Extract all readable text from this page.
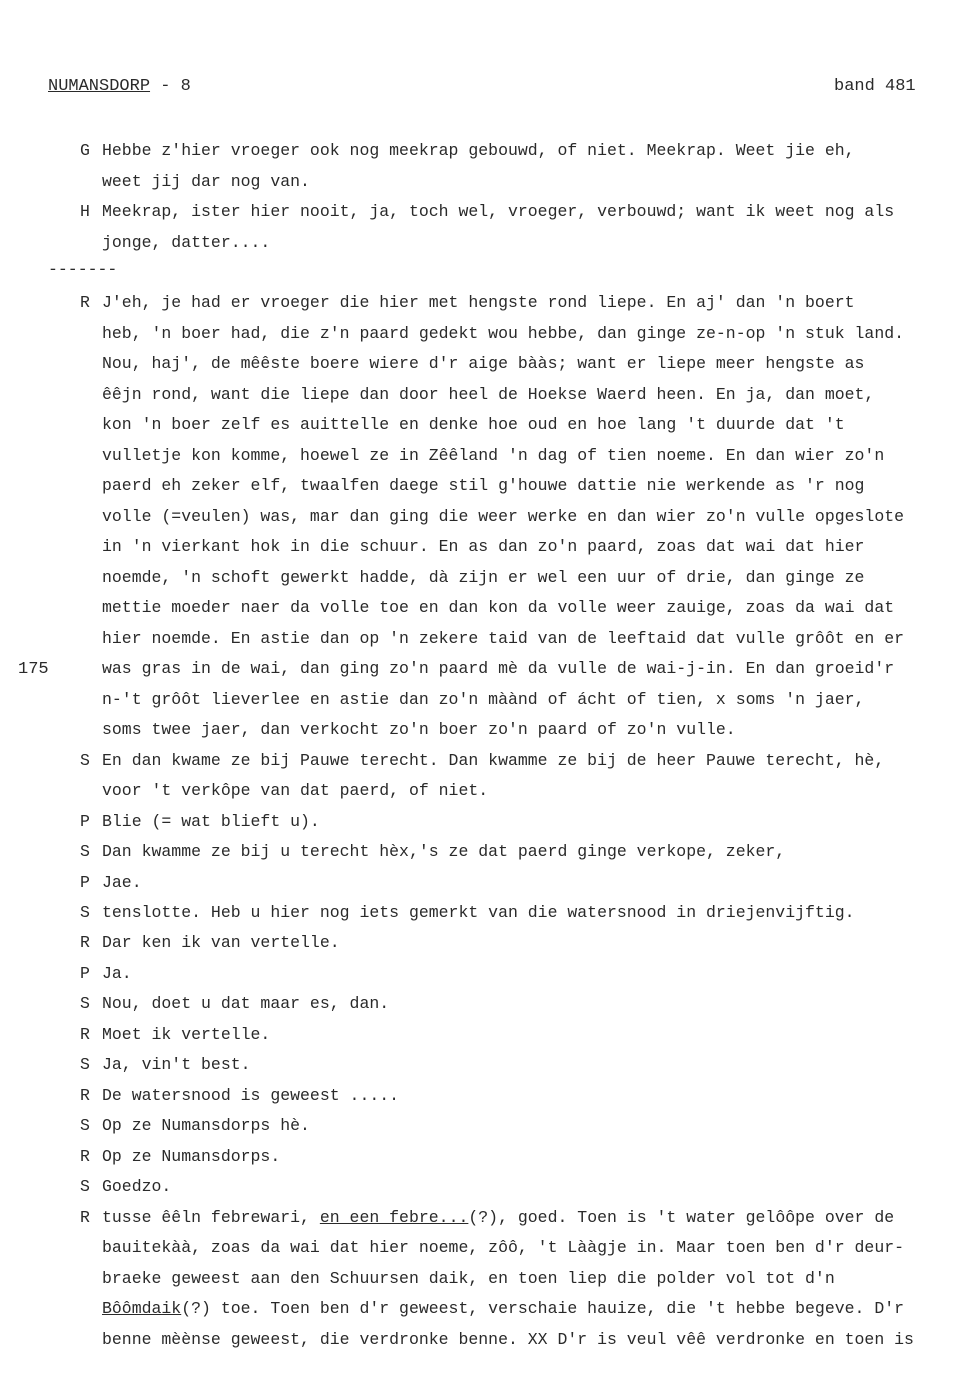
NUMANSDORP - 8	band 481
-------
175
G Hebbe z'hier vroeger ook nog meekrap gebouwd, of niet. Meekrap. Weet jie eh,
weet jij dar nog van.
H Meekrap, ister hier nooit, ja, toch wel, vroeger, verbouwd; want ik weet nog als
jonge, datter....
R J'eh, je had er vroeger die hier met hengste rond liepe. En aj' dan 'n boert
heb, 'n boer had, die z'n paard gedekt wou hebbe, dan ginge ze-n-op 'n stuk land.
Nou, haj', de mêêste boere wiere d'r aige bààs; want er liepe meer hengste as
êêjn rond, want die liepe dan door heel de Hoekse Waerd heen. En ja, dan moet,
kon 'n boer zelf es auittelle en denke hoe oud en hoe lang 't duurde dat 't
vulletje kon komme, hoewel ze in Zêêland 'n dag of tien noeme. En dan wier zo'n
paerd eh zeker elf, twaalfen daege stil g'houwe dattie nie werkende as 'r nog
volle (=veulen) was, mar dan ging die weer werke en dan wier zo'n vulle opgeslote
in 'n vierkant hok in die schuur. En as dan zo'n paard, zoas dat wai dat hier
noemde, 'n schoft gewerkt hadde, dà zijn er wel een uur of drie, dan ginge ze
mettie moeder naer da volle toe en dan kon da volle weer zauige, zoas da wai dat
hier noemde. En astie dan op 'n zekere taid van de leeftaid dat vulle grôôt en er
was gras in de wai, dan ging zo'n paard mè da vulle de wai-j-in. En dan groeid'r
n-'t grôôt lieverlee en astie dan zo'n màànd of ácht of tien, x soms 'n jaer,
soms twee jaer, dan verkocht zo'n boer zo'n paard of zo'n vulle.
S En dan kwame ze bij Pauwe terecht. Dan kwamme ze bij de heer Pauwe terecht, hè,
voor 't verkôpe van dat paerd, of niet.
P Blie (= wat blieft u).
S Dan kwamme ze bij u terecht hèx,'s ze dat paerd ginge verkope, zeker,
P Jae.
S tenslotte. Heb u hier nog iets gemerkt van die watersnood in driejenvijftig.
R Dar ken ik van vertelle.
P Ja.
S Nou, doet u dat maar es, dan.
R Moet ik vertelle.
S Ja, vin't best.
R De watersnood is geweest .....
S Op ze Numansdorps hè.
R Op ze Numansdorps.
S Goedzo.
R tusse êêln febrewari, en een febre...(?), goed. Toen is 't water gelôôpe over de
bauitekàà, zoas da wai dat hier noeme, zôô, 't Lààgje in. Maar toen ben d'r deur-
braeke geweest aan den Schuursen daik, en toen liep die polder vol tot d'n
Bôômdaik(?) toe. Toen ben d'r geweest, verschaie hauize, die 't hebbe begeve. D'r
benne mèènse geweest, die verdronke benne. XX D'r is veul vêê verdronke en toen is
